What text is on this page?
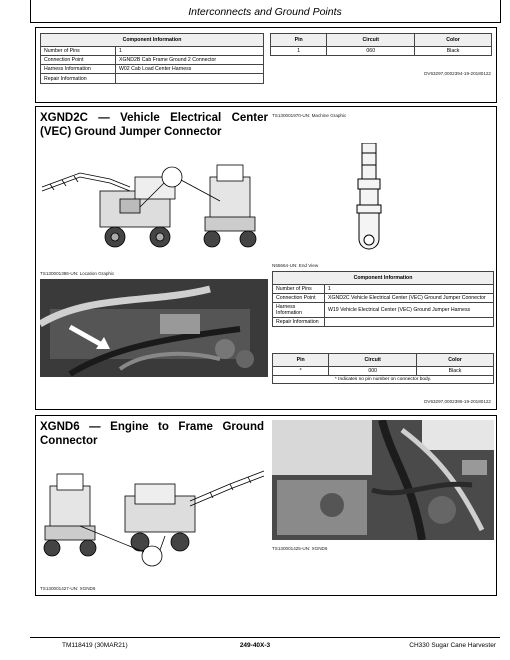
Interconnects and Ground Points
Component Information	
Number of Pins	1
Connection Point	XGND2B Cab Frame Ground 2 Connector
Harness Information	W02 Cab Load Center Harness
Repair Information	
Pin	Circuit	Color
1	060	Black
DV63297,0002394-19-20180122
XGND2C — Vehicle Electrical Center (VEC) Ground Jumper Connector
TS130001970-UN: Machine Graphic
N55664-UN: End View
TS130001386-UN: Location Graphic
Component Information	
Number of Pins	1
Connection Point	XGND2C Vehicle Electrical Center (VEC) Ground Jumper Connector
Harness Information	W19 Vehicle Electrical Center (VEC) Ground Jumper Harness
Repair Information	
Pin	Circuit	Color
*	000	Black
* Indicates no pin number on connector body.		
DV63297,0002395-19-20180122
XGND6 — Engine to Frame Ground Connector
TS130001425-UN: XGND6
TS130001427-UN: XGND6
TM118419 (30MAR21)	249-40X-3	CH330 Sugar Cane Harvester
